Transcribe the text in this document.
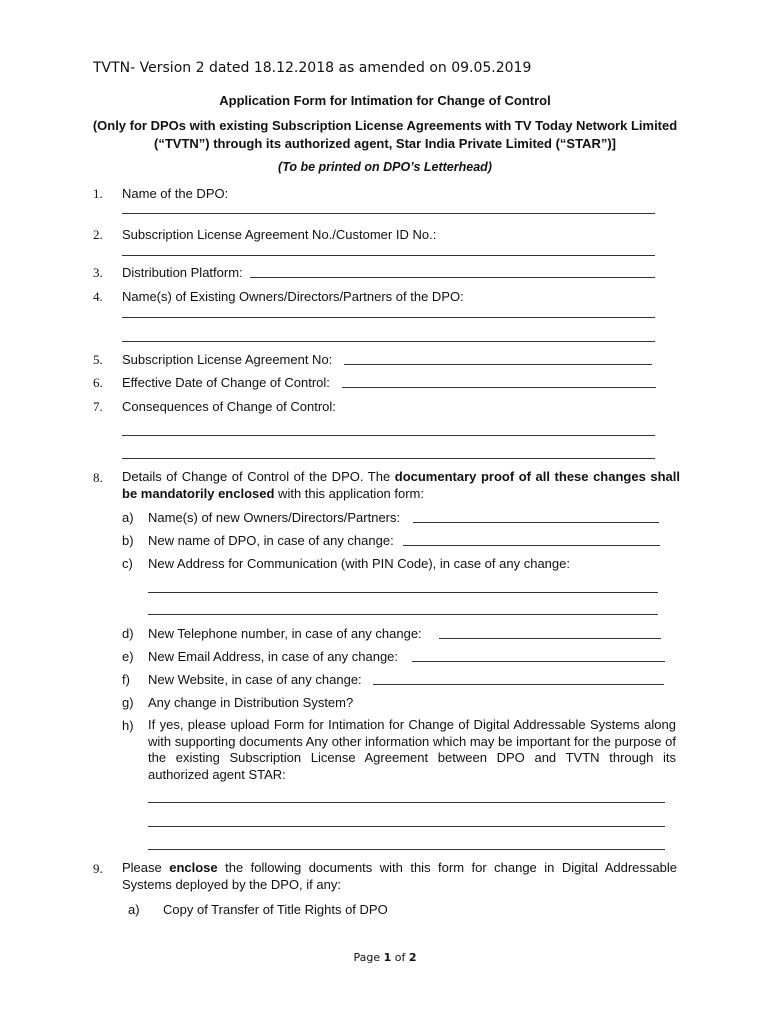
TVTN- Version 2 dated 18.12.2018 as amended on 09.05.2019
Application Form for Intimation for Change of Control
(Only for DPOs with existing Subscription License Agreements with TV Today Network Limited
(“TVTN”) through its authorized agent, Star India Private Limited (“STAR”)]
(To be printed on DPO’s Letterhead)
1. Name of the DPO:
2. Subscription License Agreement No./Customer ID No.:
3. Distribution Platform:
4. Name(s) of Existing Owners/Directors/Partners of the DPO:
5. Subscription License Agreement No:
6. Effective Date of Change of Control:
7. Consequences of Change of Control:
8. Details of Change of Control of the DPO. The documentary proof of all these changes shall be mandatorily enclosed with this application form:
a) Name(s) of new Owners/Directors/Partners:
b) New name of DPO, in case of any change:
c) New Address for Communication (with PIN Code), in case of any change:
d) New Telephone number, in case of any change:
e) New Email Address, in case of any change:
f) New Website, in case of any change:
g) Any change in Distribution System?
h) If yes, please upload Form for Intimation for Change of Digital Addressable Systems along with supporting documents Any other information which may be important for the purpose of the existing Subscription License Agreement between DPO and TVTN through its authorized agent STAR:
9. Please enclose the following documents with this form for change in Digital Addressable Systems deployed by the DPO, if any:
a) Copy of Transfer of Title Rights of DPO
Page 1 of 2
